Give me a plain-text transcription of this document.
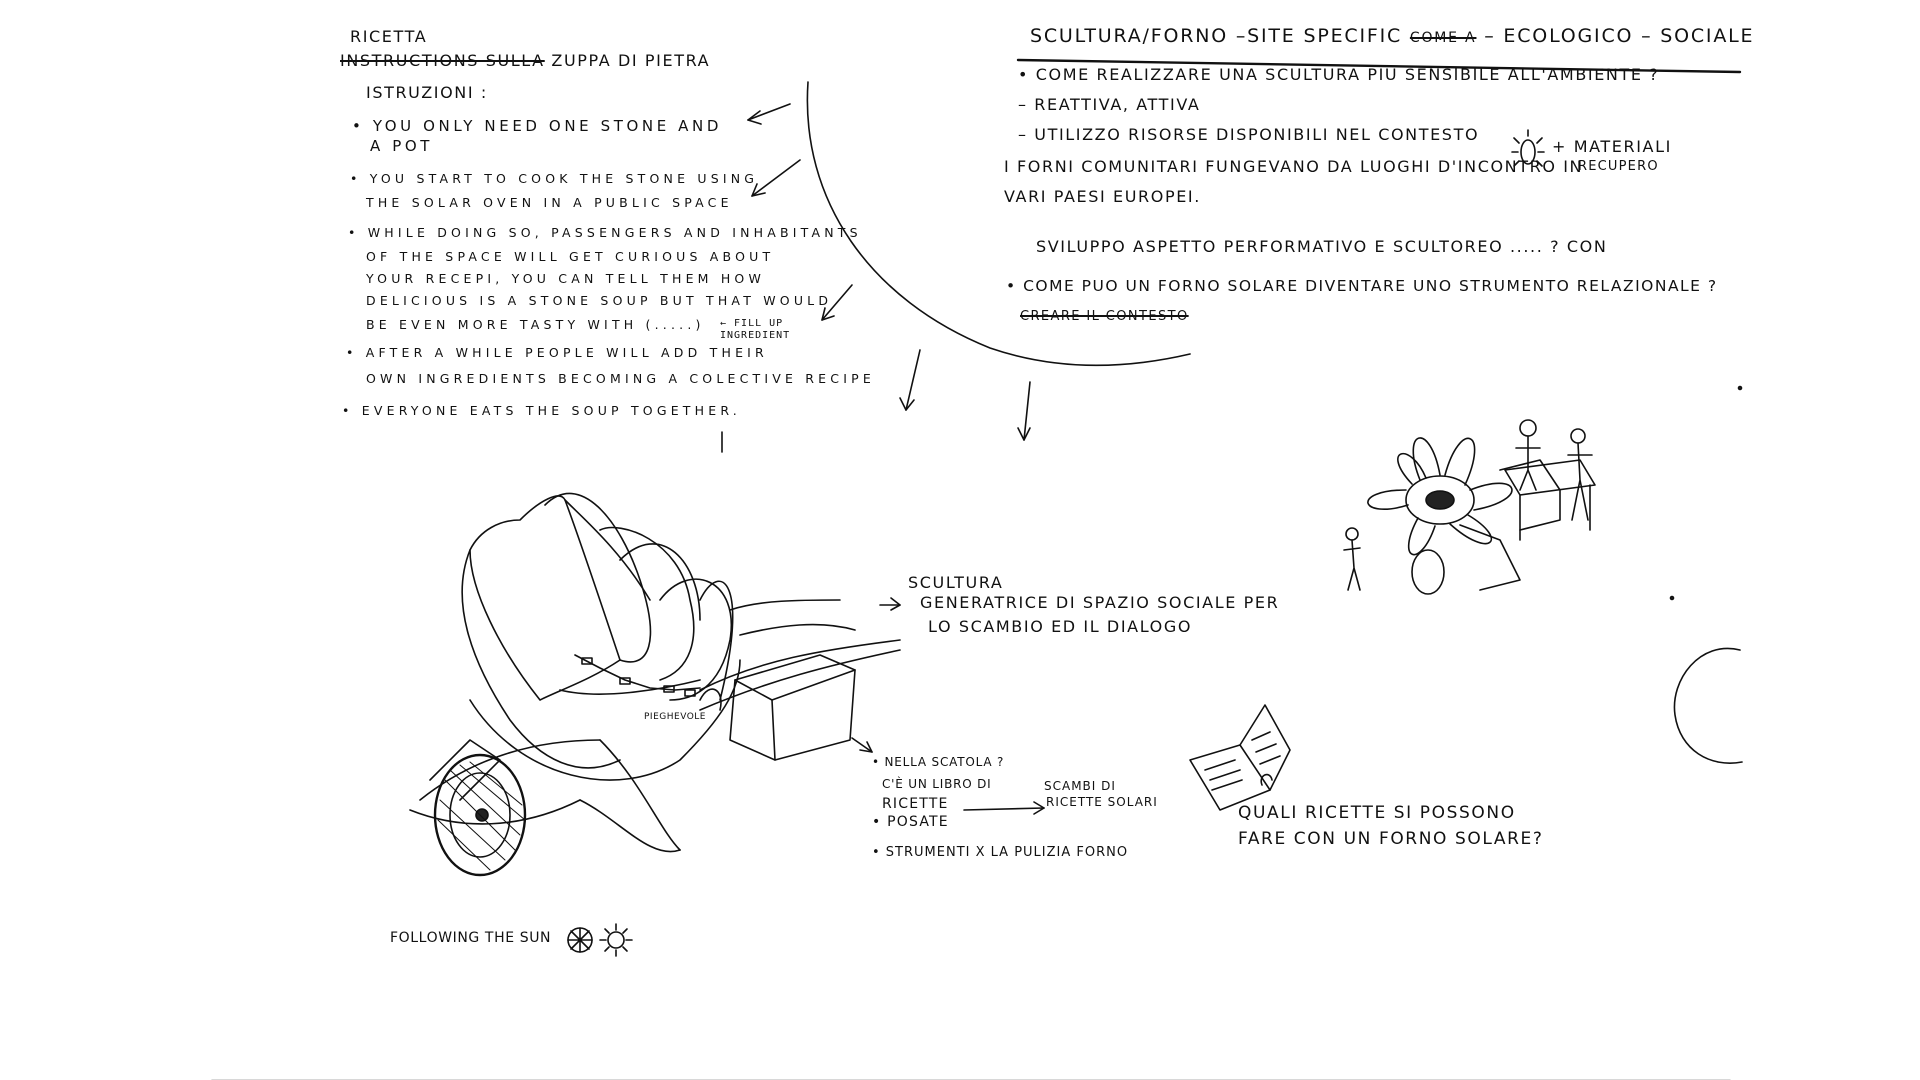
RICETTA
INSTRUCTIONS SULLA ZUPPA DI PIETRA
ISTRUZIONI :
• YOU ONLY NEED ONE STONE AND
A POT
• YOU START TO COOK THE STONE USING
THE SOLAR OVEN IN A PUBLIC SPACE
• WHILE DOING SO, PASSENGERS AND INHABITANTS
OF THE SPACE WILL GET CURIOUS ABOUT
YOUR RECEPI, YOU CAN TELL THEM HOW
DELICIOUS IS A STONE SOUP BUT THAT WOULD
BE EVEN MORE TASTY WITH (.....) ← FILL UP
INGREDIENT
• AFTER A WHILE PEOPLE WILL ADD THEIR
OWN INGREDIENTS BECOMING A COLECTIVE RECIPE
• EVERYONE EATS THE SOUP TOGETHER.
SCULTURA/FORNO –SITE SPECIFIC COME A – ECOLOGICO – SOCIALE
• COME REALIZZARE UNA SCULTURA PIU SENSIBILE ALL'AMBIENTE ?
– REATTIVA, ATTIVA
– UTILIZZO RISORSE DISPONIBILI NEL CONTESTO
+ MATERIALI
RECUPERO
I FORNI COMUNITARI FUNGEVANO DA LUOGHI D'INCONTRO IN
VARI PAESI EUROPEI.
SVILUPPO ASPETTO PERFORMATIVO E SCULTOREO ..... ? CON
• COME PUO UN FORNO SOLARE DIVENTARE UNO STRUMENTO RELAZIONALE ?
CREARE IL CONTESTO
SCULTURA
GENERATRICE DI SPAZIO SOCIALE PER
LO SCAMBIO ED IL DIALOGO
PIEGHEVOLE
• NELLA SCATOLA ?
C'È UN LIBRO DI
RICETTE
• POSATE
• STRUMENTI X LA PULIZIA FORNO
SCAMBI DI
RICETTE SOLARI
QUALI RICETTE SI POSSONO
FARE CON UN FORNO SOLARE?
FOLLOWING THE SUN
